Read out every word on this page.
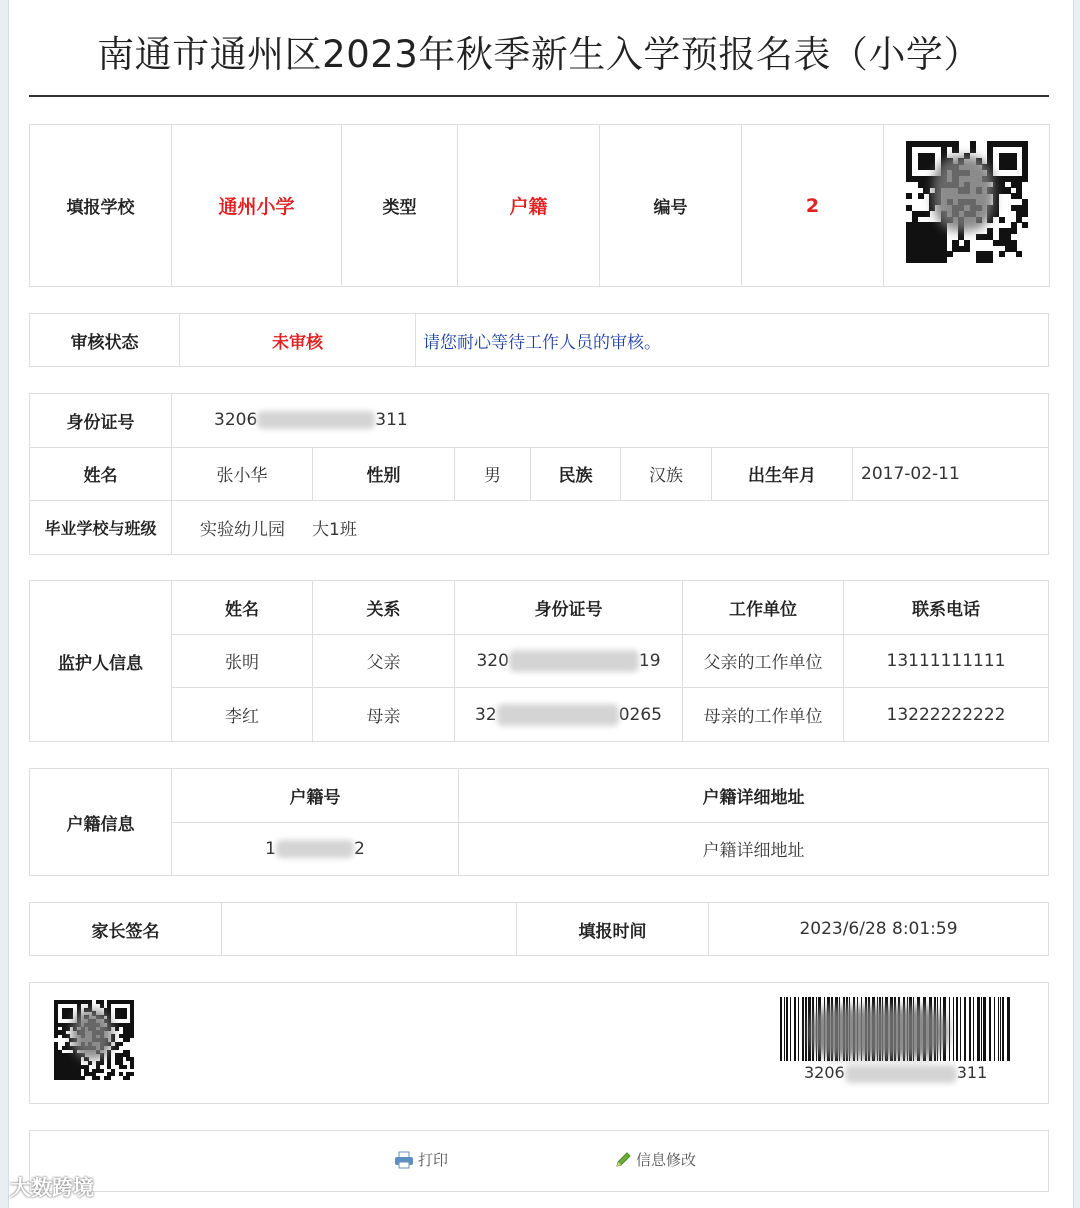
南通市通州区2023年秋季新生入学预报名表（小学）
填报学校	通州小学	类型	户籍	编号	2	
审核状态	未审核	请您耐心等待工作人员的审核。
身份证号	3206 311						
姓名	张小华	性别	男	民族	汉族	出生年月	2017-02-11
毕业学校与班级	实验幼儿园 大1班						
监护人信息	姓名	关系	身份证号	工作单位	联系电话
	张明	父亲	320 19	父亲的工作单位	13111111111
	李红	母亲	32 0265	母亲的工作单位	13222222222
户籍信息	户籍号	户籍详细地址
	1 2	户籍详细地址
家长签名		填报时间	2023/6/28 8:01:59
3206	311
打印	信息修改
大数跨境
